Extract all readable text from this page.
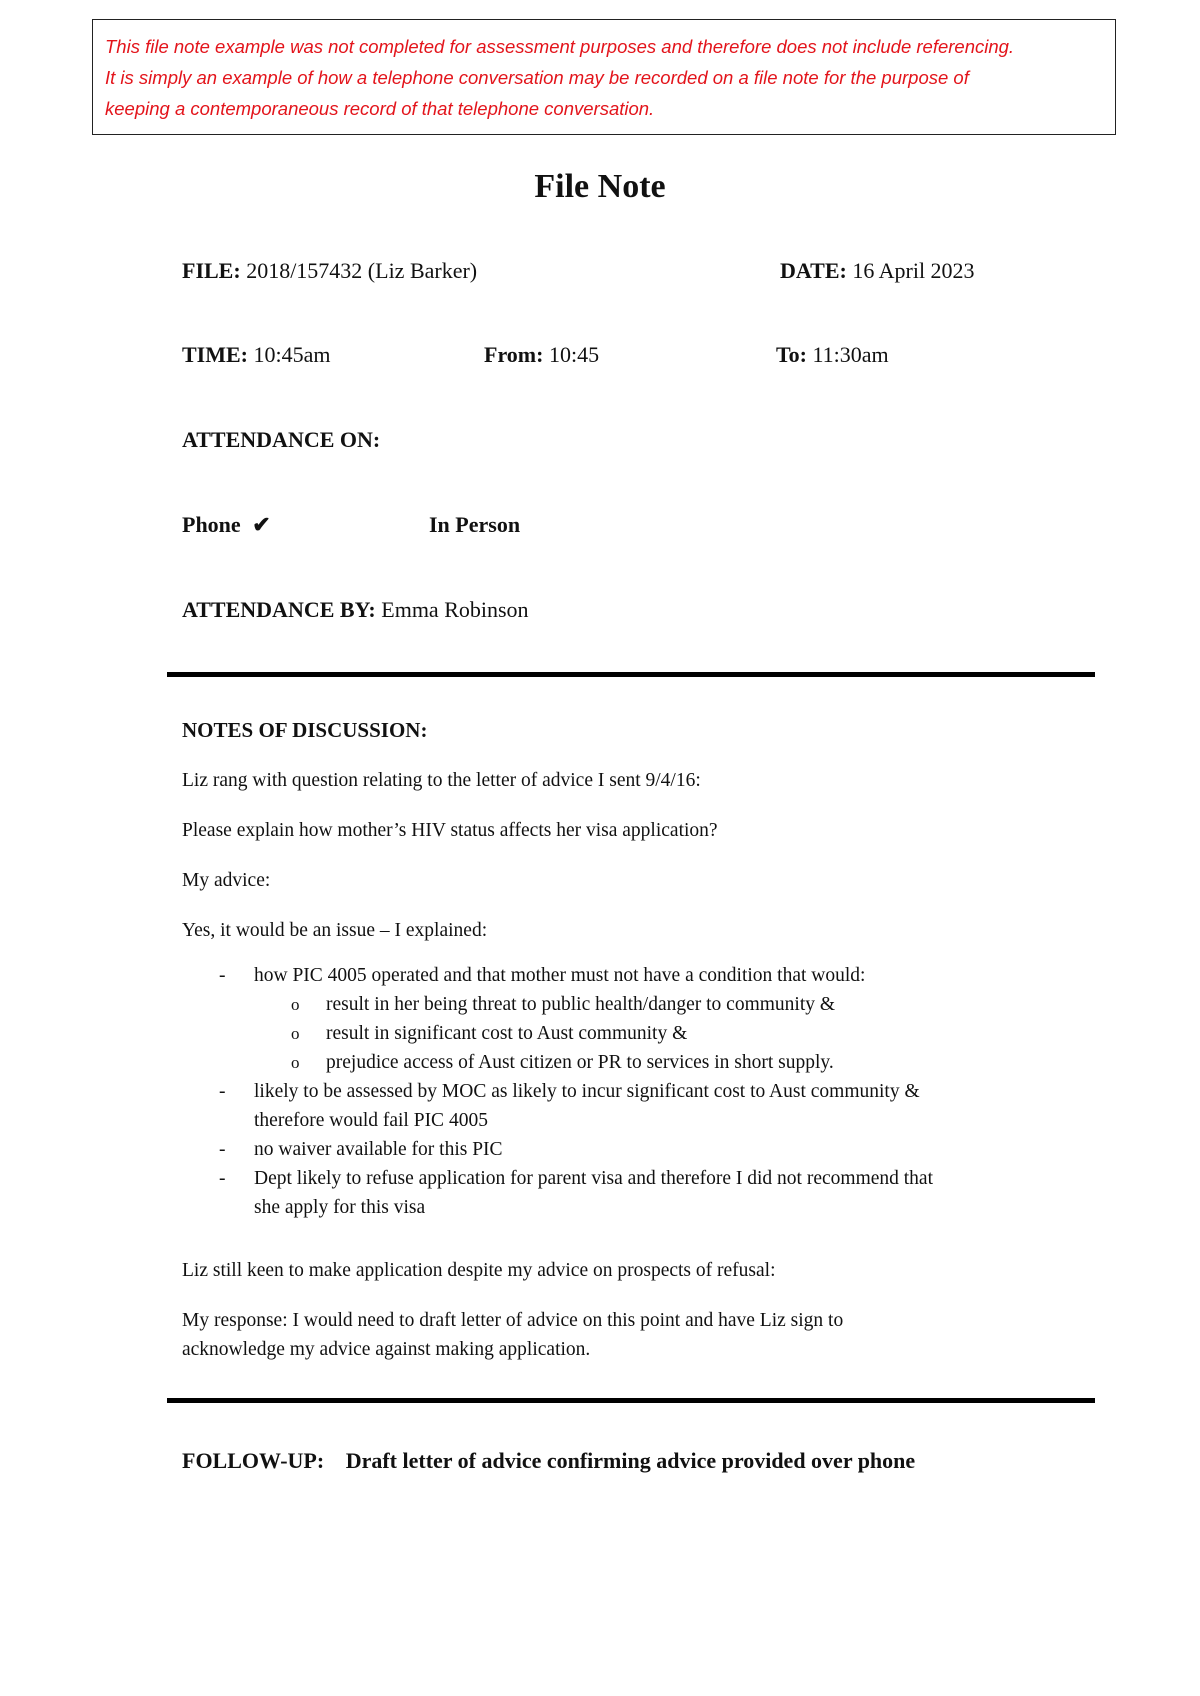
This file note example was not completed for assessment purposes and therefore does not include referencing.

It is simply an example of how a telephone conversation may be recorded on a file note for the purpose of

keeping a contemporaneous record of that telephone conversation.

File Note
FILE: 2018/157432 (Liz Barker)	DATE: 16 April 2023
TIME: 10:45am	From: 10:45	To: 11:30am
ATTENDANCE ON:
Phone ✔	In Person
ATTENDANCE BY: Emma Robinson
NOTES OF DISCUSSION:

Liz rang with question relating to the letter of advice I sent 9/4/16:

Please explain how mother’s HIV status affects her visa application?

My advice:

Yes, it would be an issue – I explained:

- how PIC 4005 operated and that mother must not have a condition that would:
o result in her being threat to public health/danger to community &
o result in significant cost to Aust community &
o prejudice access of Aust citizen or PR to services in short supply.
- likely to be assessed by MOC as likely to incur significant cost to Aust community & therefore would fail PIC 4005
- no waiver available for this PIC
- Dept likely to refuse application for parent visa and therefore I did not recommend that she apply for this visa

Liz still keen to make application despite my advice on prospects of refusal:

My response: I would need to draft letter of advice on this point and have Liz sign to acknowledge my advice against making application.

FOLLOW-UP: Draft letter of advice confirming advice provided over phone
